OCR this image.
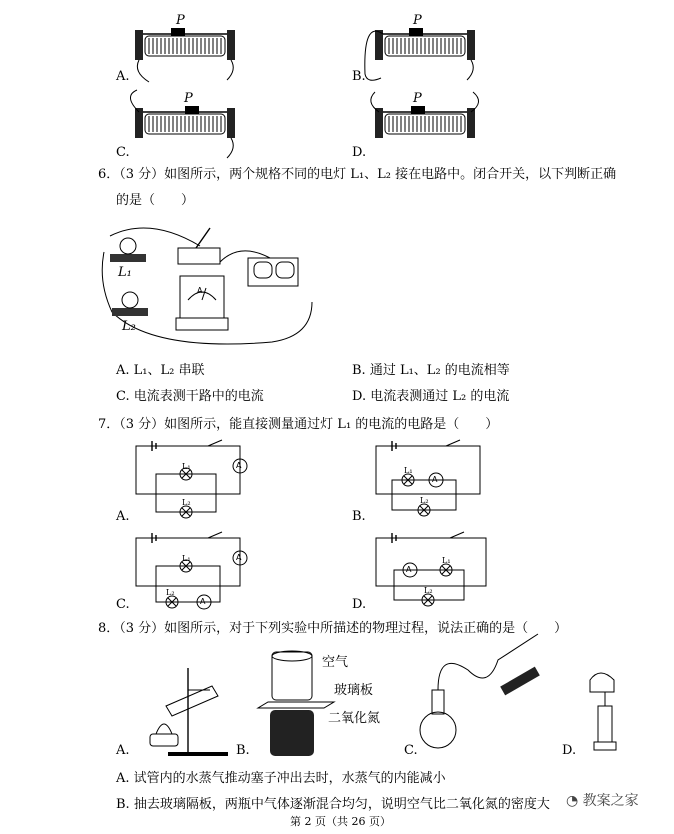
P	P
P	P
A.	B.
C.	D.
6．（3 分）如图所示，两个规格不同的电灯 L₁、L₂ 接在电路中。闭合开关，以下判断正确
的是（　　）
L₁
L₂
A
A. L₁、L₂ 串联	B. 通过 L₁、L₂ 的电流相等
C. 电流表测干路中的电流	D. 电流表测通过 L₂ 的电流
7．（3 分）如图所示，能直接测量通过灯 L₁ 的电流的电路是（　　）
A
L₁
L₂
A
L₁
L₂
A
L₁
L₂
A
A
L₁
L₂
A.	B.
C.	D.
8．（3 分）如图所示，对于下列实验中所描述的物理过程，说法正确的是（　　）
空气
玻璃板
二氧化氮
A.	B.	C.	D.
A. 试管内的水蒸气推动塞子冲出去时，水蒸气的内能减小
B. 抽去玻璃隔板，两瓶中气体逐渐混合均匀，说明空气比二氧化氮的密度大
第 2 页（共 26 页）
◔ 教案之家
